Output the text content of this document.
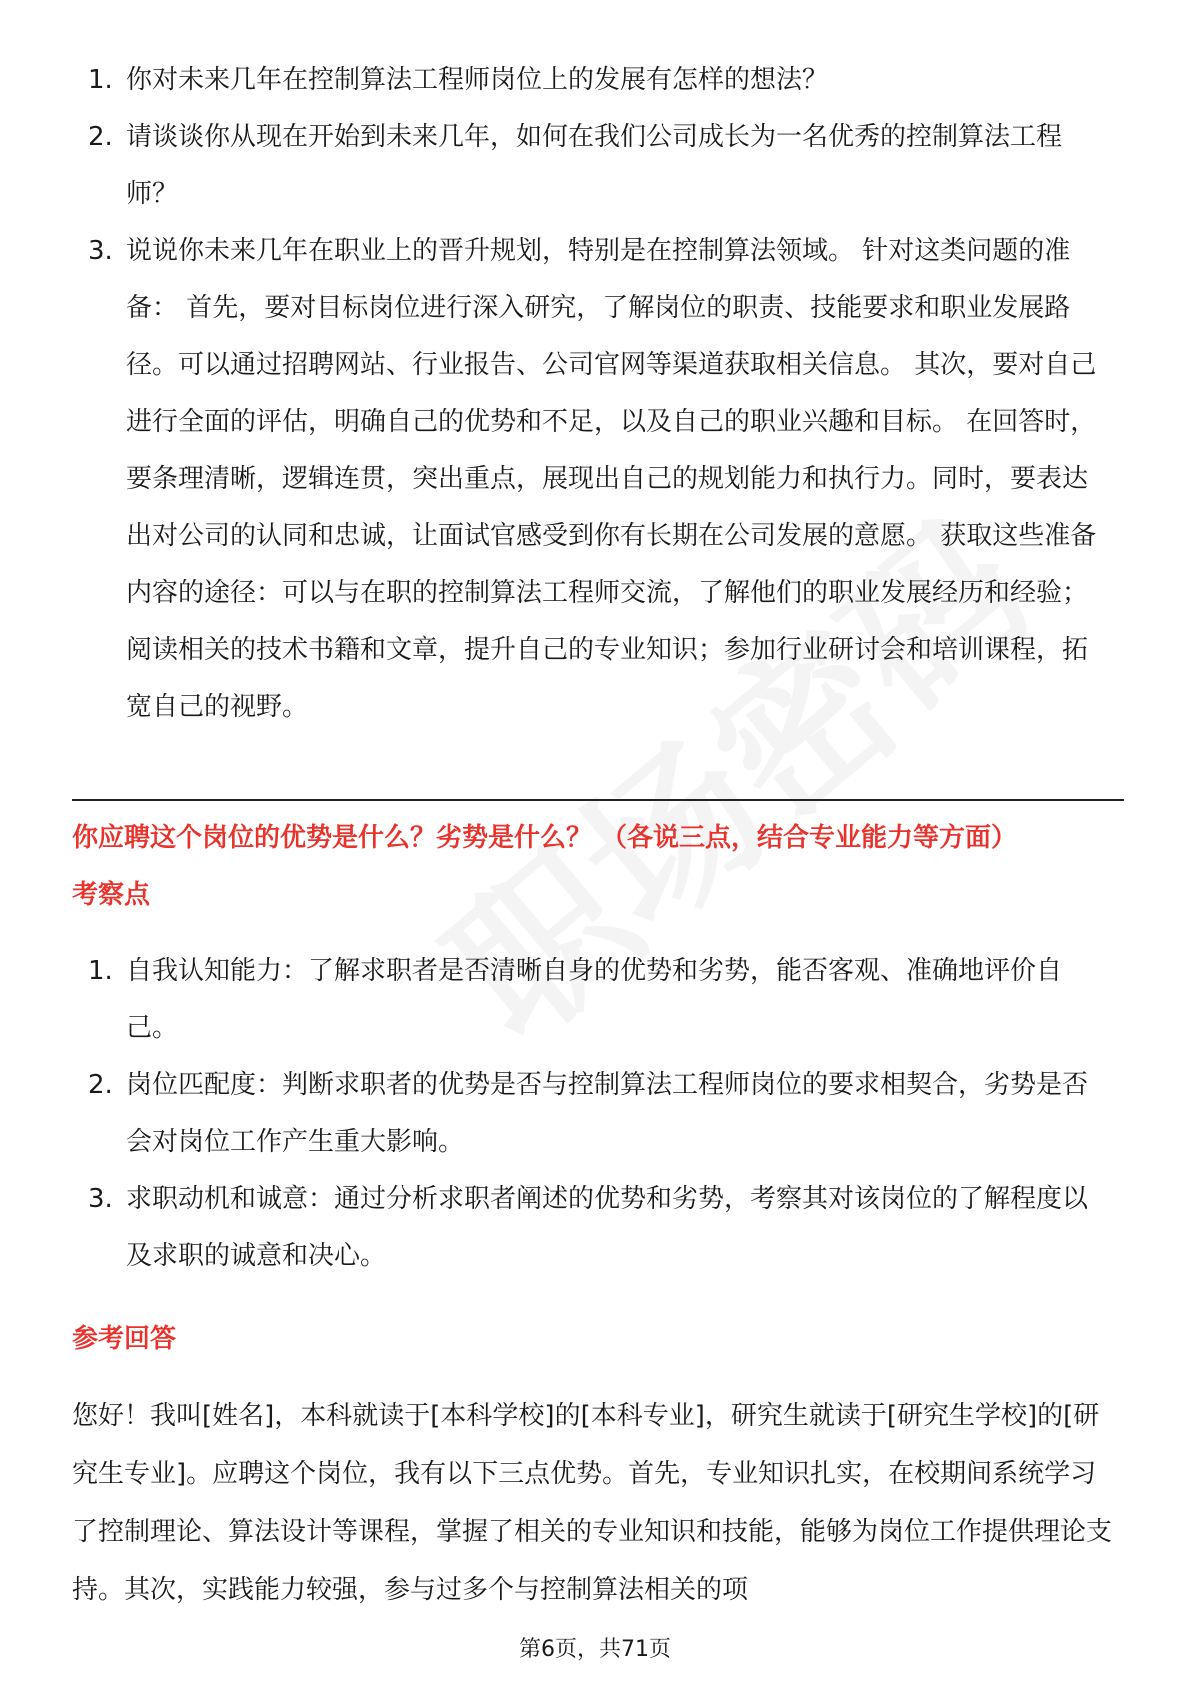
1. 你对未来几年在控制算法工程师岗位上的发展有怎样的想法？
2. 请谈谈你从现在开始到未来几年，如何在我们公司成长为一名优秀的控制算法工程师？
3. 说说你未来几年在职业上的晋升规划，特别是在控制算法领域。 针对这类问题的准备： 首先，要对目标岗位进行深入研究，了解岗位的职责、技能要求和职业发展路径。可以通过招聘网站、行业报告、公司官网等渠道获取相关信息。 其次，要对自己进行全面的评估，明确自己的优势和不足，以及自己的职业兴趣和目标。 在回答时，要条理清晰，逻辑连贯，突出重点，展现出自己的规划能力和执行力。同时，要表达出对公司的认同和忠诚，让面试官感受到你有长期在公司发展的意愿。 获取这些准备内容的途径：可以与在职的控制算法工程师交流，了解他们的职业发展经历和经验；阅读相关的技术书籍和文章，提升自己的专业知识；参加行业研讨会和培训课程，拓宽自己的视野。
你应聘这个岗位的优势是什么？劣势是什么？ （各说三点，结合专业能力等方面）
考察点
1. 自我认知能力：了解求职者是否清晰自身的优势和劣势，能否客观、准确地评价自己。
2. 岗位匹配度：判断求职者的优势是否与控制算法工程师岗位的要求相契合，劣势是否会对岗位工作产生重大影响。
3. 求职动机和诚意：通过分析求职者阐述的优势和劣势，考察其对该岗位的了解程度以及求职的诚意和决心。
参考回答
您好！我叫[姓名]，本科就读于[本科学校]的[本科专业]，研究生就读于[研究生学校]的[研究生专业]。应聘这个岗位，我有以下三点优势。首先，专业知识扎实，在校期间系统学习了控制理论、算法设计等课程，掌握了相关的专业知识和技能，能够为岗位工作提供理论支持。其次，实践能力较强，参与过多个与控制算法相关的项
第6页，共71页
